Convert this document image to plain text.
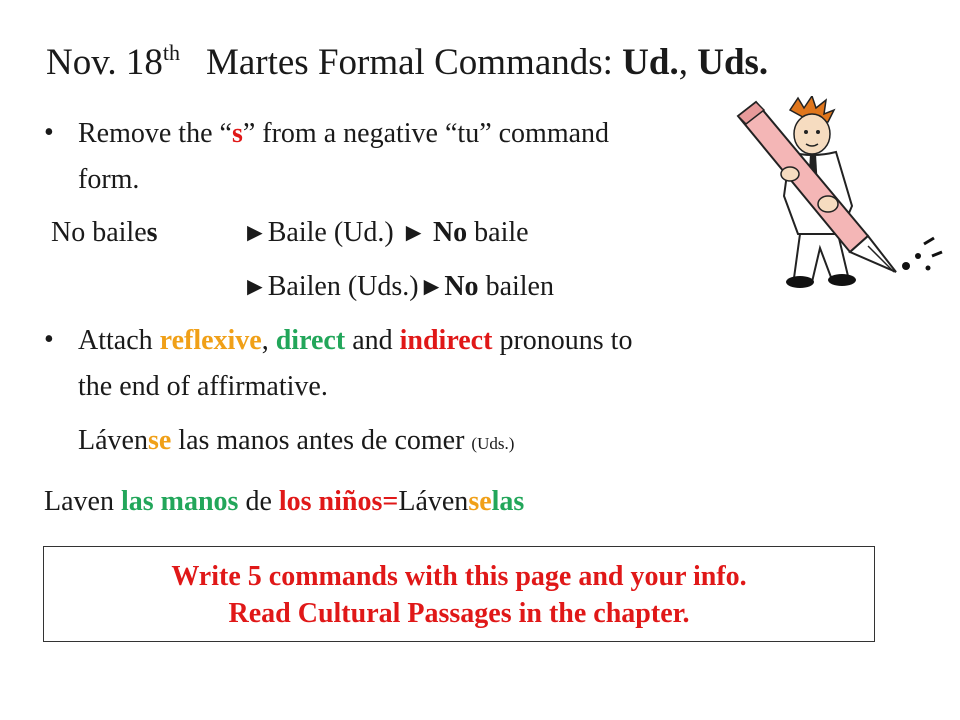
Nov. 18th Martes Formal Commands: Ud., Uds.
• Remove the “s” from a negative “tu” command
form.
No bailes	►Baile (Ud.) ► No baile
►Bailen (Uds.)►No bailen
• Attach reflexive, direct and indirect pronouns to
the end of affirmative.
Lávense las manos antes de comer (Uds.)
Laven las manos de los niños=Lávenselas
Write 5 commands with this page and your info.
Read Cultural Passages in the chapter.
